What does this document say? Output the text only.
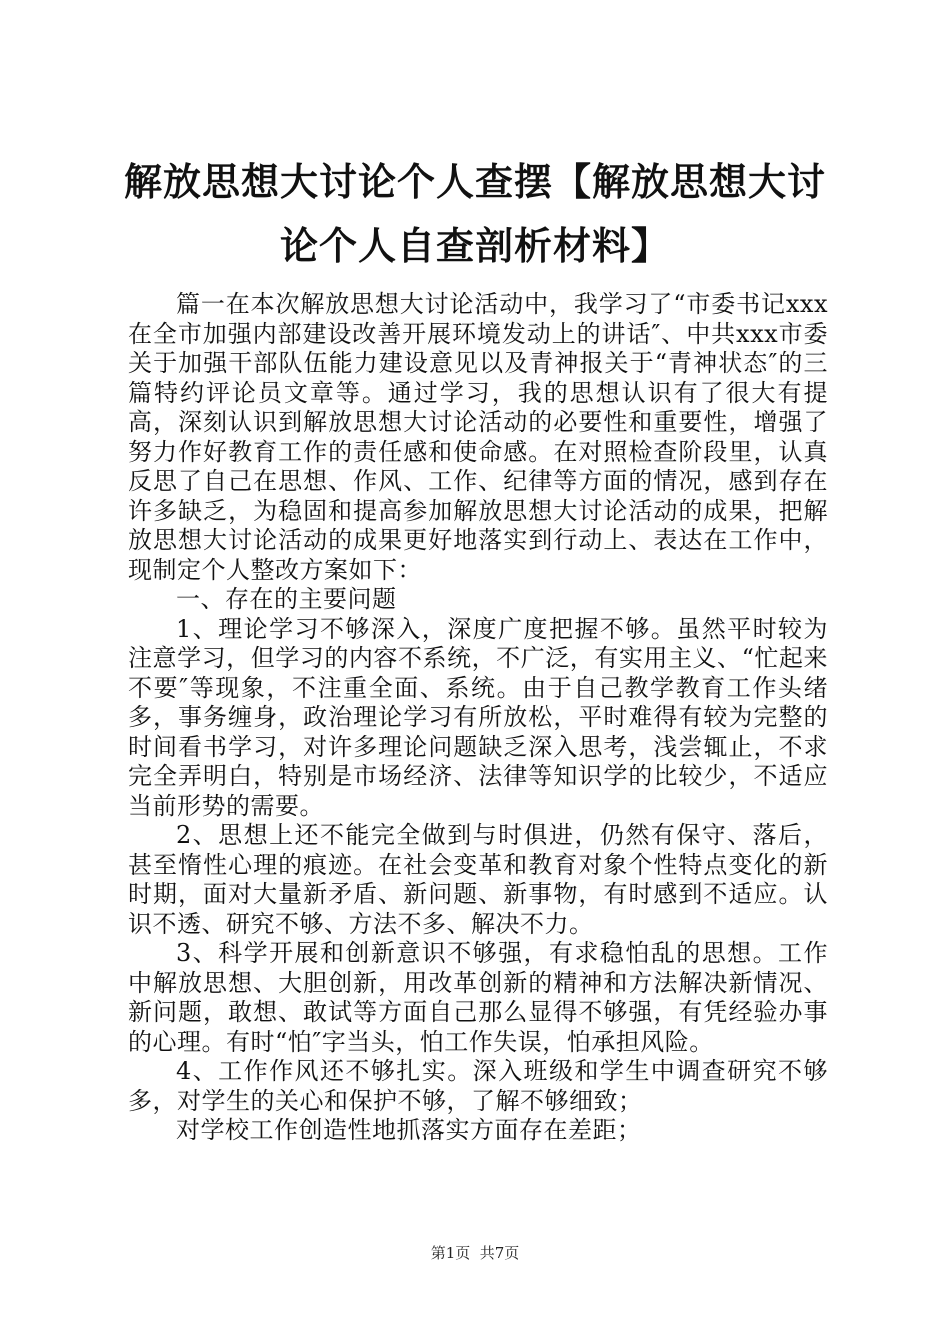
解放思想大讨论个人查摆【解放思想大讨论个人自查剖析材料】

篇一在本次解放思想大讨论活动中，我学习了“市委书记xxx在全市加强内部建设改善开展环境发动上的讲话″、中共xxx市委关于加强干部队伍能力建设意见以及青神报关于“青神状态″的三篇特约评论员文章等。通过学习，我的思想认识有了很大有提高，深刻认识到解放思想大讨论活动的必要性和重要性，增强了努力作好教育工作的责任感和使命感。在对照检查阶段里，认真反思了自己在思想、作风、工作、纪律等方面的情况，感到存在许多缺乏，为稳固和提高参加解放思想大讨论活动的成果，把解放思想大讨论活动的成果更好地落实到行动上、表达在工作中，现制定个人整改方案如下：

一、存在的主要问题

1、理论学习不够深入，深度广度把握不够。虽然平时较为注意学习，但学习的内容不系统，不广泛，有实用主义、“忙起来不要″等现象，不注重全面、系统。由于自己教学教育工作头绪多，事务缠身，政治理论学习有所放松，平时难得有较为完整的时间看书学习，对许多理论问题缺乏深入思考，浅尝辄止，不求完全弄明白，特别是市场经济、法律等知识学的比较少，不适应当前形势的需要。

2、思想上还不能完全做到与时俱进，仍然有保守、落后，甚至惰性心理的痕迹。在社会变革和教育对象个性特点变化的新时期，面对大量新矛盾、新问题、新事物，有时感到不适应。认识不透、研究不够、方法不多、解决不力。

3、科学开展和创新意识不够强，有求稳怕乱的思想。工作中解放思想、大胆创新，用改革创新的精神和方法解决新情况、新问题，敢想、敢试等方面自己那么显得不够强，有凭经验办事的心理。有时“怕″字当头，怕工作失误，怕承担风险。

4、工作作风还不够扎实。深入班级和学生中调查研究不够多，对学生的关心和保护不够，了解不够细致；

对学校工作创造性地抓落实方面存在差距；

第1页  共7页
